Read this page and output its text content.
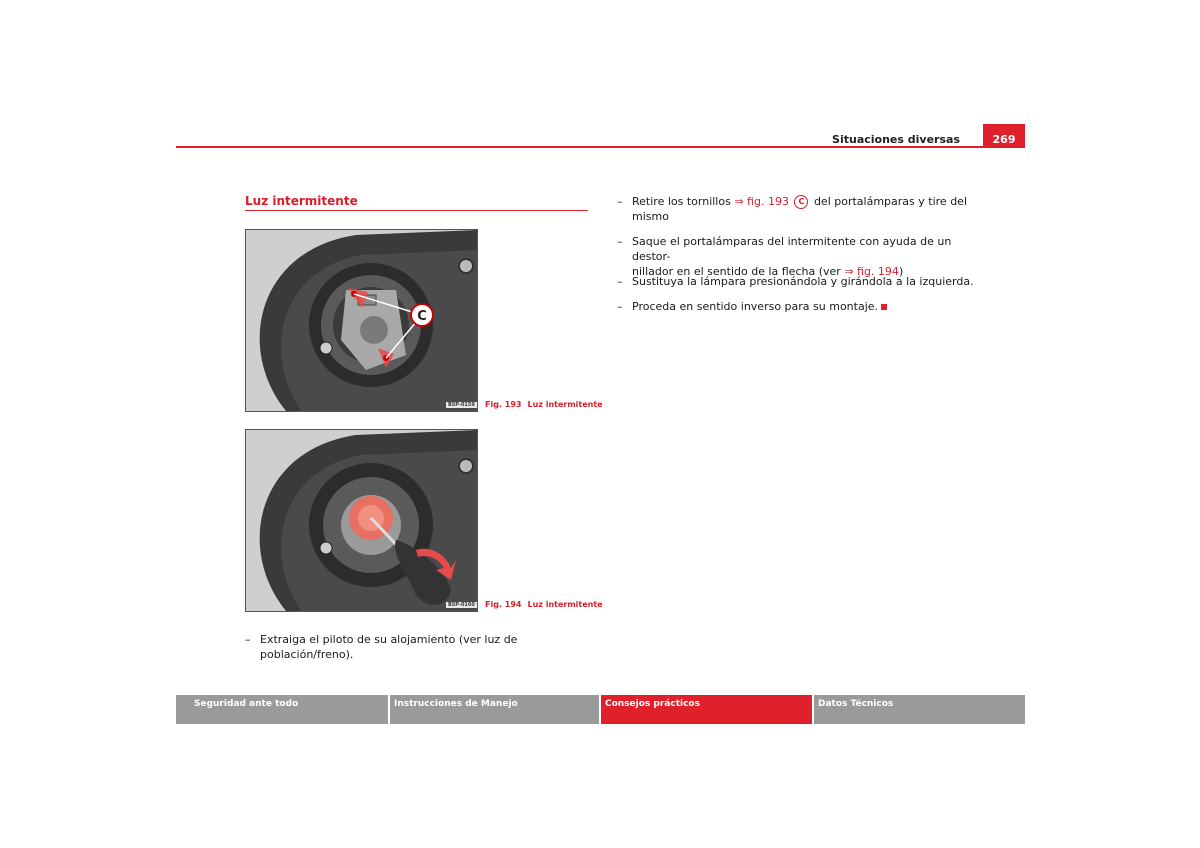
Situaciones diversas	269
Luz intermitente
C
B5P-0159 Fig. 193 Luz intermitente
B5P-0160 Fig. 194 Luz intermitente
– Extraiga el piloto de su alojamiento (ver luz de población/freno).
– Retire los tornillos ⇒ fig. 193 C del portalámparas y tire del
mismo
– Saque el portalámparas del intermitente con ayuda de un destor-
nillador en el sentido de la flecha (ver ⇒ fig. 194)
– Sustituya la lámpara presionándola y girándola a la izquierda.
– Proceda en sentido inverso para su montaje.
Seguridad ante todo	Instrucciones de Manejo	Consejos prácticos	Datos Técnicos
